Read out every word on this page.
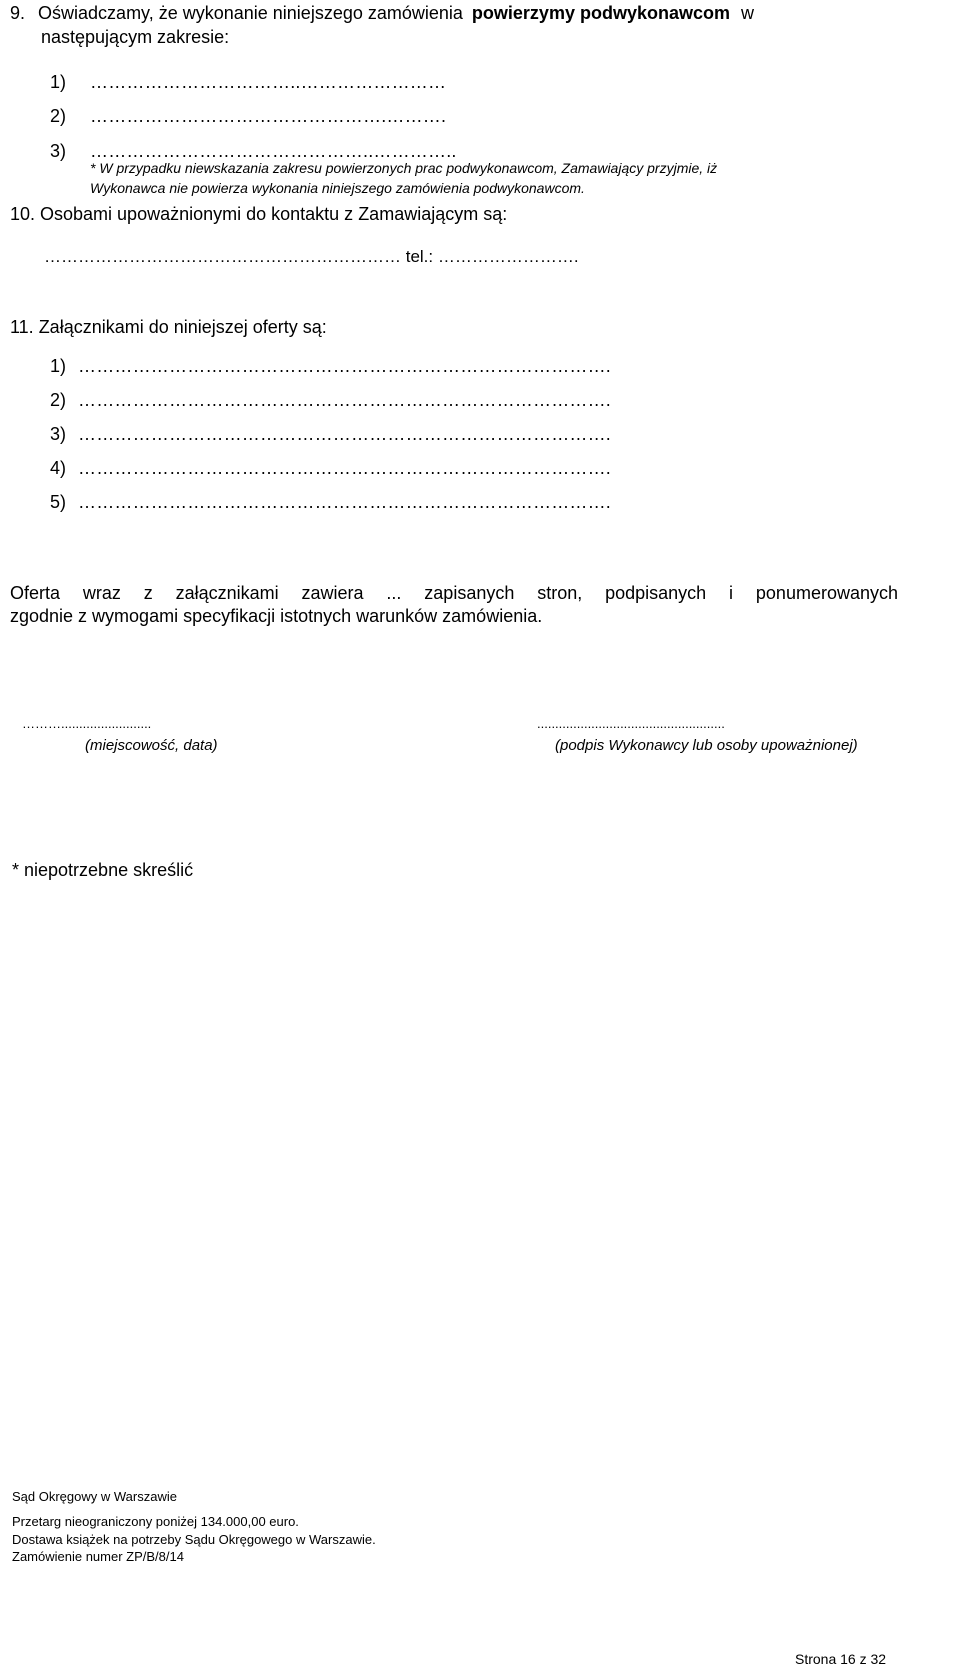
9. Oświadczamy, że wykonanie niniejszego zamówienia powierzymy podwykonawcom w
następującym zakresie:
1) ……………………………..……………………
2) ………………………………………….……….
3) ………………………………………..…………..
* W przypadku niewskazania zakresu powierzonych prac podwykonawcom, Zamawiający przyjmie, iż
Wykonawca nie powierza wykonania niniejszego zamówienia podwykonawcom.
10. Osobami upoważnionymi do kontaktu z Zamawiającym są:
……………………………………………………… tel.: …………………….
11. Załącznikami do niniejszej oferty są:
1) …………………………………………………………………………….
2) …………………………………………………………………………….
3) …………………………………………………………………………….
4) …………………………………………………………………………….
5) …………………………………………………………………………….
Oferta wraz z załącznikami zawiera ... zapisanych stron, podpisanych i ponumerowanych
zgodnie z wymogami specyfikacji istotnych warunków zamówienia.
……….........................
(miejscowość, data)
....................................................
(podpis Wykonawcy lub osoby upoważnionej)
* niepotrzebne skreślić
Sąd Okręgowy w Warszawie
Przetarg nieograniczony poniżej 134.000,00 euro.
Dostawa książek na potrzeby Sądu Okręgowego w Warszawie.
Zamówienie numer ZP/B/8/14
Strona 16 z 32
